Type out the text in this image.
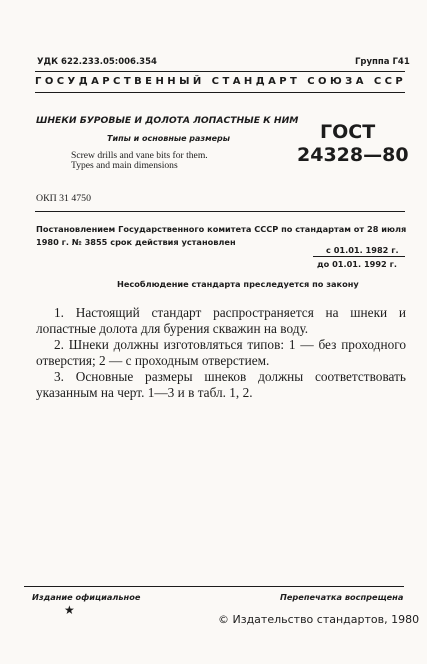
УДК 622.233.05:006.354	Группа Г41
ГОСУДАРСТВЕННЫЙ СТАНДАРТ СОЮЗА ССР
ШНЕКИ БУРОВЫЕ И ДОЛОТА ЛОПАСТНЫЕ К НИМ
Типы и основные размеры
Screw drills and vane bits for them.
Types and main dimensions
ГОСТ
24328—80
ОКП 31 4750
Постановлением Государственного комитета СССР по стандартам от 28 июля
1980 г. № 3855 срок действия установлен
с 01.01. 1982 г.
до 01.01. 1992 г.
Несоблюдение стандарта преследуется по закону

1. Настоящий стандарт распространяется на шнеки и лопастные долота для бурения скважин на воду.

2. Шнеки должны изготовляться типов: 1 — без проходного отверстия; 2 — с проходным отверстием.

3. Основные размеры шнеков должны соответствовать указанным на черт. 1—3 и в табл. 1, 2.

Издание официальное
★
Перепечатка воспрещена
© Издательство стандартов, 1980
